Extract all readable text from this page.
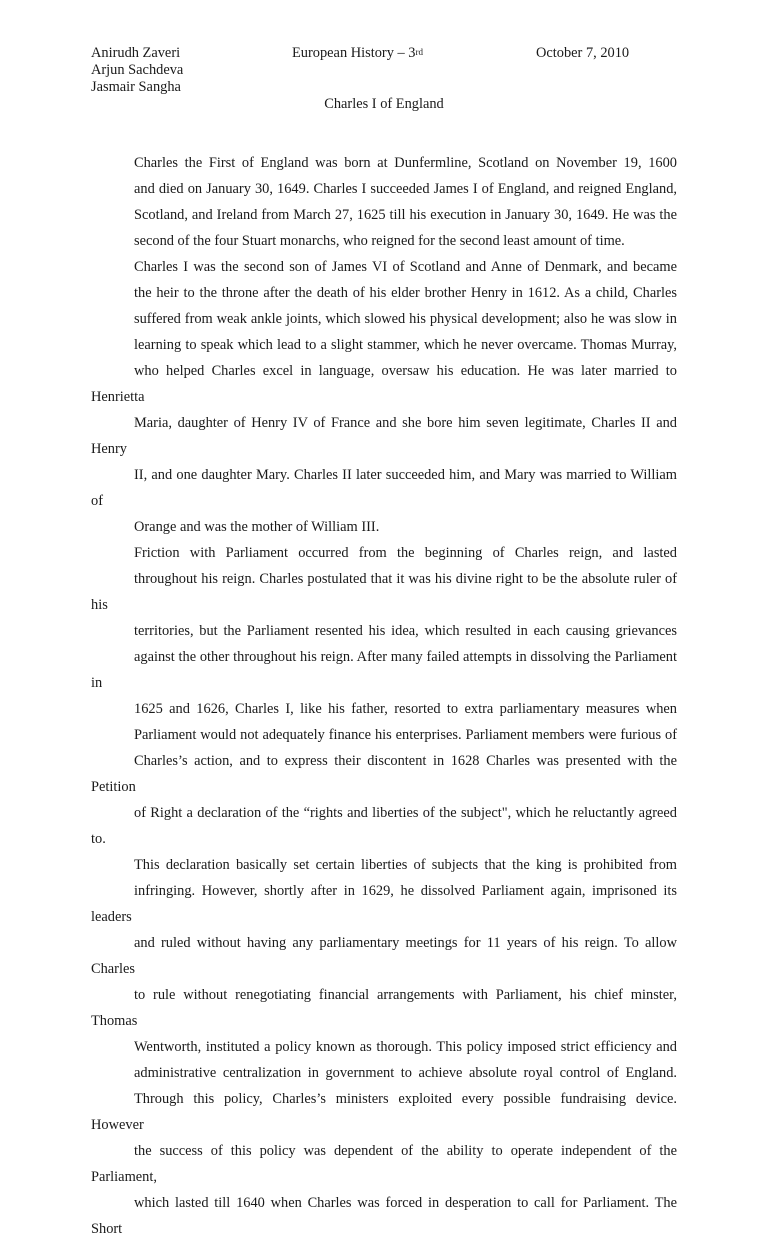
Anirudh Zaveri
Arjun Sachdeva
Jasmair Sangha
European History – 3rd	October 7, 2010
Charles I of England

Charles the First of England was born at Dunfermline, Scotland on November 19, 1600
and died on January 30, 1649. Charles I succeeded James I of England, and reigned England,
Scotland, and Ireland from March 27, 1625 till his execution in January 30, 1649. He was the
second of the four Stuart monarchs, who reigned for the second least amount of time.

Charles I was the second son of James VI of Scotland and Anne of Denmark, and became
the heir to the throne after the death of his elder brother Henry in 1612. As a child, Charles
suffered from weak ankle joints, which slowed his physical development; also he was slow in
learning to speak which lead to a slight stammer, which he never overcame. Thomas Murray,
who helped Charles excel in language, oversaw his education. He was later married to Henrietta
Maria, daughter of Henry IV of France and she bore him seven legitimate, Charles II and Henry
II, and one daughter Mary. Charles II later succeeded him, and Mary was married to William of
Orange and was the mother of William III.

Friction with Parliament occurred from the beginning of Charles reign, and lasted
throughout his reign. Charles postulated that it was his divine right to be the absolute ruler of his
territories, but the Parliament resented his idea, which resulted in each causing grievances
against the other throughout his reign. After many failed attempts in dissolving the Parliament in
1625 and 1626, Charles I, like his father, resorted to extra parliamentary measures when
Parliament would not adequately finance his enterprises. Parliament members were furious of
Charles’s action, and to express their discontent in 1628 Charles was presented with the Petition
of Right a declaration of the “rights and liberties of the subject", which he reluctantly agreed to.
This declaration basically set certain liberties of subjects that the king is prohibited from
infringing. However, shortly after in 1629, he dissolved Parliament again, imprisoned its leaders
and ruled without having any parliamentary meetings for 11 years of his reign. To allow Charles
to rule without renegotiating financial arrangements with Parliament, his chief minster, Thomas
Wentworth, instituted a policy known as thorough. This policy imposed strict efficiency and
administrative centralization in government to achieve absolute royal control of England.
Through this policy, Charles’s ministers exploited every possible fundraising device. However
the success of this policy was dependent of the ability to operate independent of the Parliament,
which lasted till 1640 when Charles was forced in desperation to call for Parliament. The Short
